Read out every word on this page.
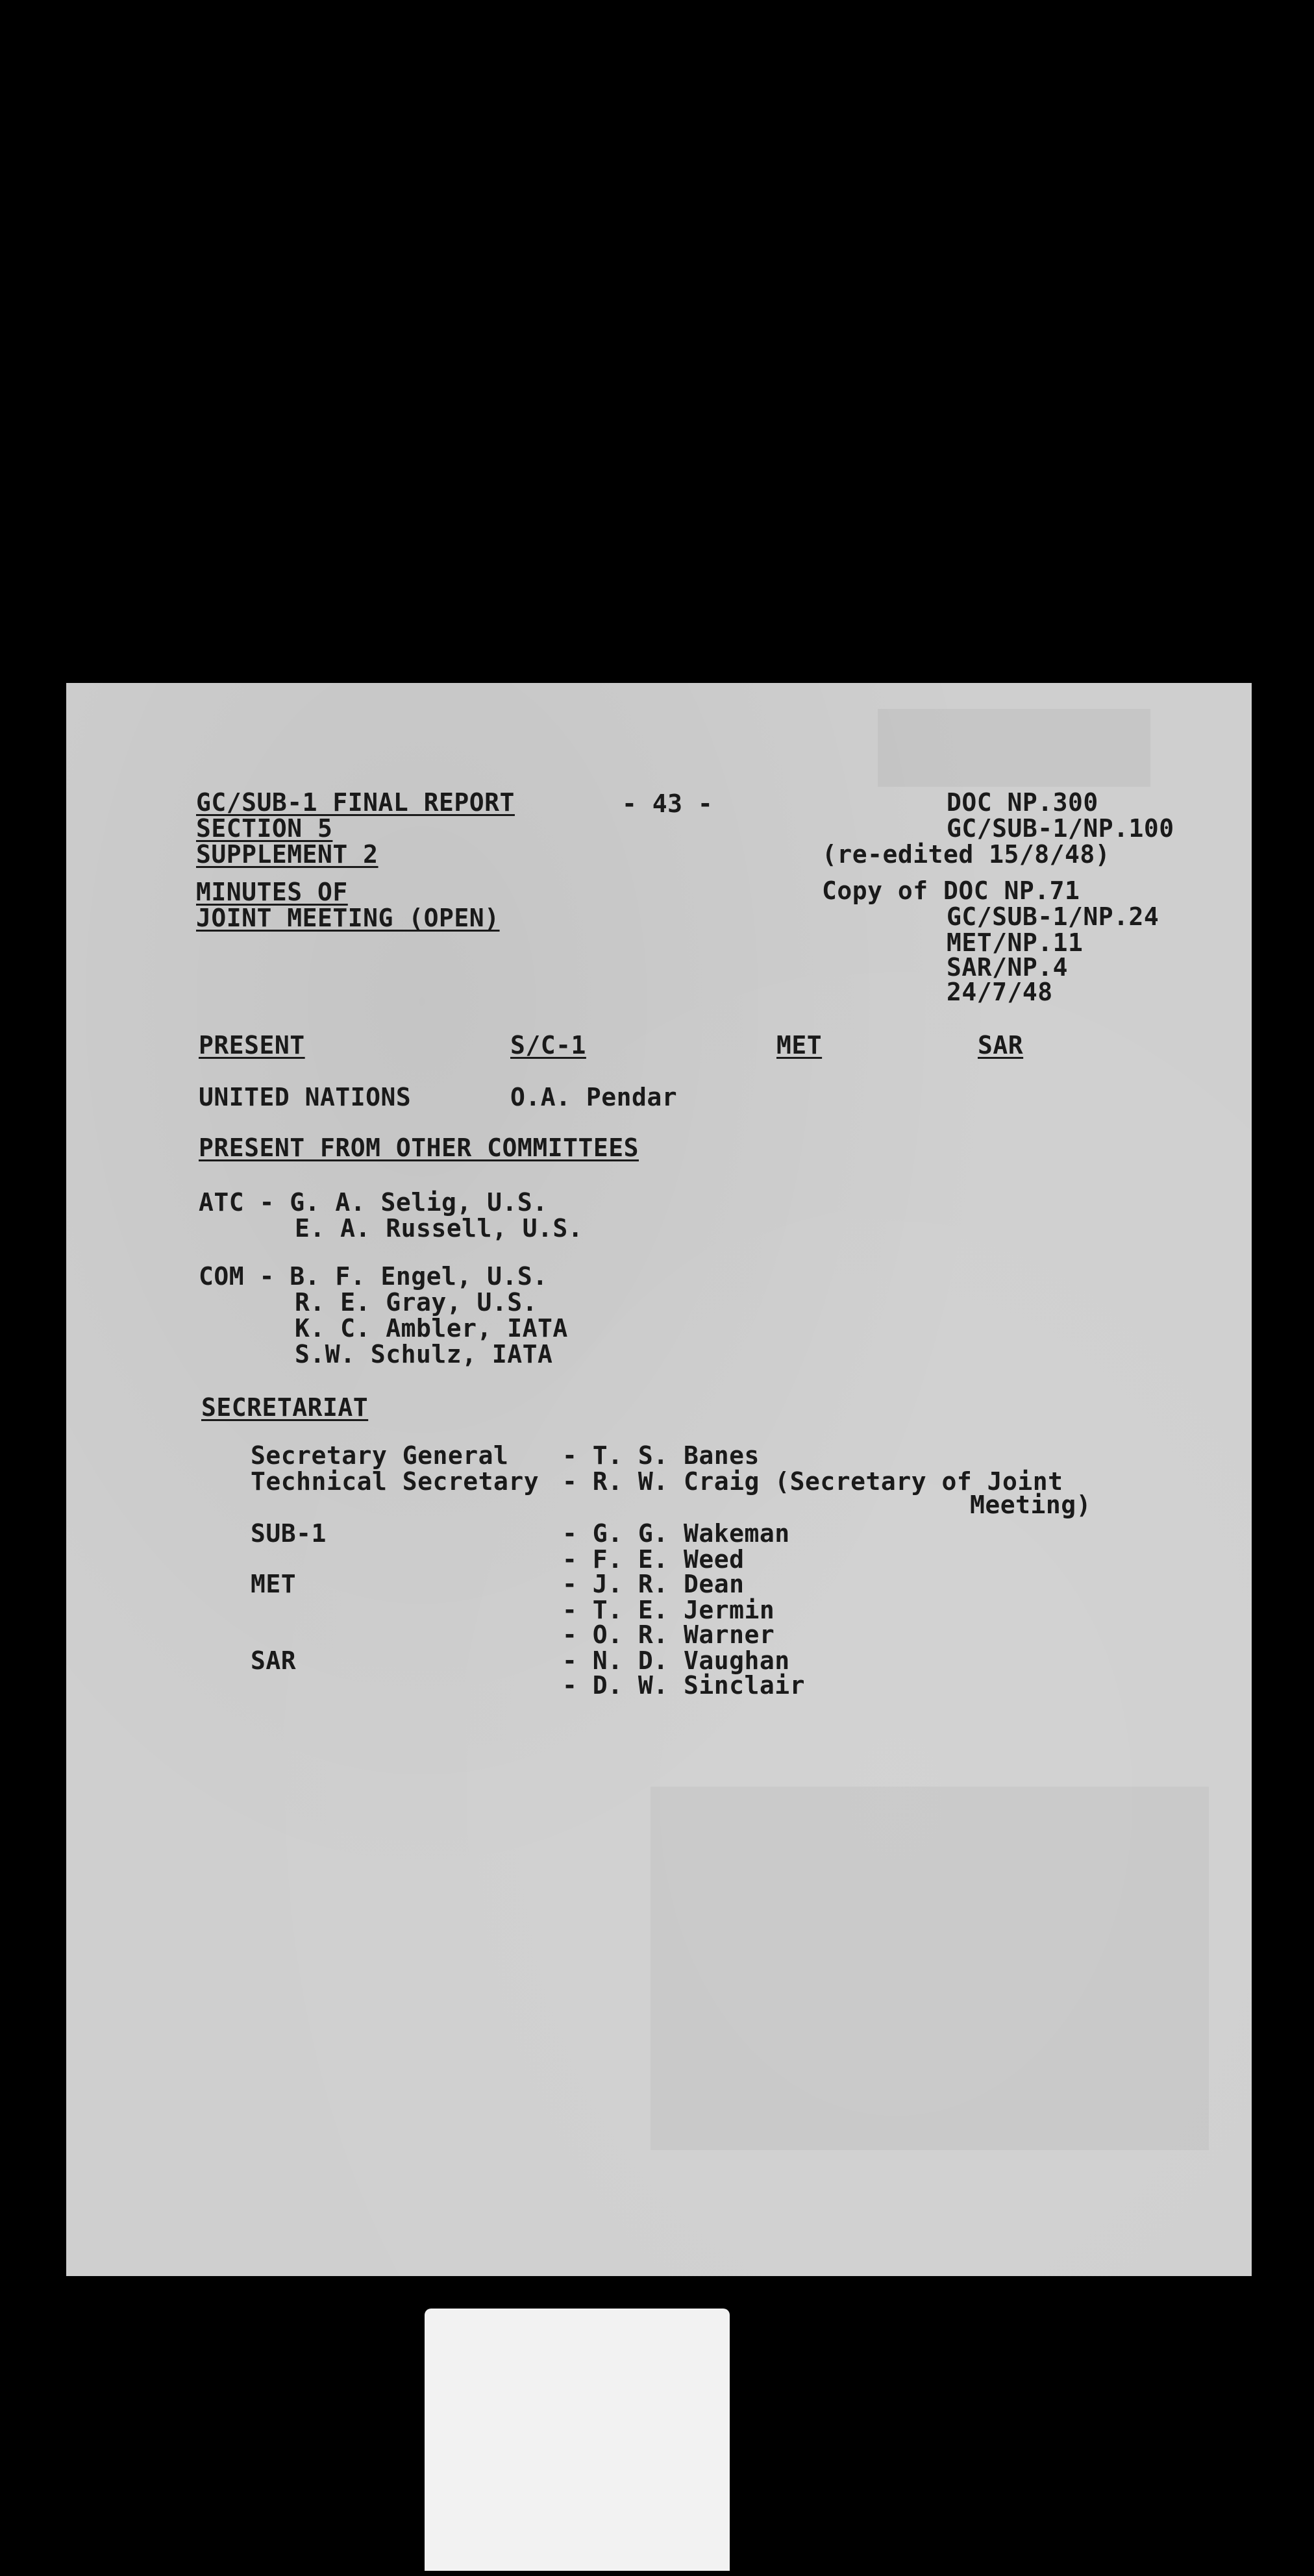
GC/SUB-1 FINAL REPORT
SECTION 5
SUPPLEMENT 2
- 43 -	DOC NP.300
GC/SUB-1/NP.100
(re-edited 15/8/48)
MINUTES OF
JOINT MEETING (OPEN)
Copy of DOC NP.71
GC/SUB-1/NP.24
MET/NP.11
SAR/NP.4
24/7/48
PRESENT	S/C-1	MET	SAR
UNITED NATIONS	O.A. Pendar
PRESENT FROM OTHER COMMITTEES
ATC - G. A. Selig, U.S.
E. A. Russell, U.S.
COM - B. F. Engel, U.S.
R. E. Gray, U.S.
K. C. Ambler, IATA
S.W. Schulz, IATA
SECRETARIAT
Secretary General - T. S. Banes
Technical Secretary - R. W. Craig (Secretary of Joint
Meeting)
SUB-1	- G. G. Wakeman
- F. E. Weed
MET	- J. R. Dean
- T. E. Jermin
- O. R. Warner
SAR	- N. D. Vaughan
- D. W. Sinclair
